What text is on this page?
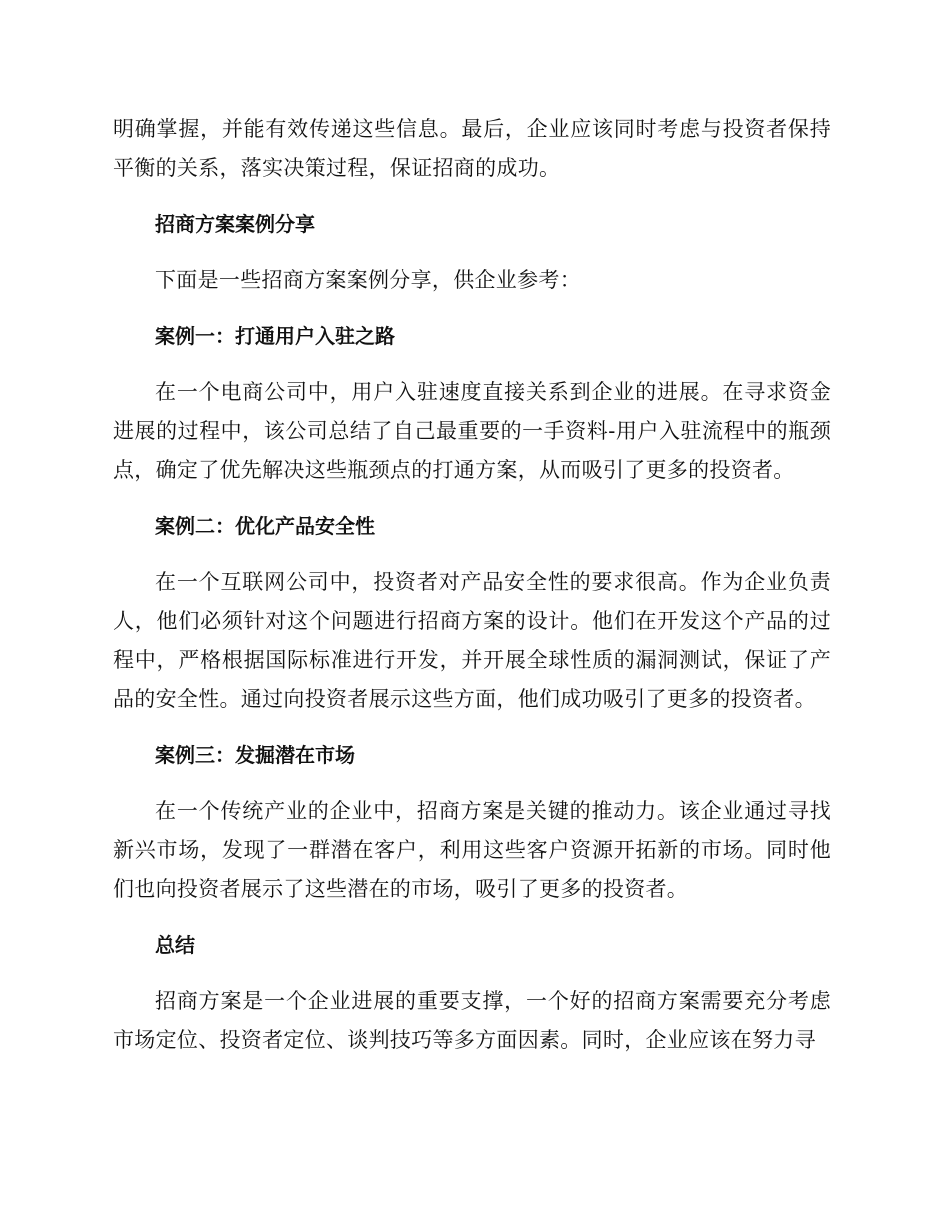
明确掌握，并能有效传递这些信息。最后，企业应该同时考虑与投资者保持平衡的关系，落实决策过程，保证招商的成功。

招商方案案例分享

下面是一些招商方案案例分享，供企业参考：

案例一：打通用户入驻之路

在一个电商公司中，用户入驻速度直接关系到企业的进展。在寻求资金进展的过程中，该公司总结了自己最重要的一手资料-用户入驻流程中的瓶颈点，确定了优先解决这些瓶颈点的打通方案，从而吸引了更多的投资者。

案例二：优化产品安全性

在一个互联网公司中，投资者对产品安全性的要求很高。作为企业负责人，他们必须针对这个问题进行招商方案的设计。他们在开发这个产品的过程中，严格根据国际标准进行开发，并开展全球性质的漏洞测试，保证了产品的安全性。通过向投资者展示这些方面，他们成功吸引了更多的投资者。

案例三：发掘潜在市场

在一个传统产业的企业中，招商方案是关键的推动力。该企业通过寻找新兴市场，发现了一群潜在客户，利用这些客户资源开拓新的市场。同时他们也向投资者展示了这些潜在的市场，吸引了更多的投资者。

总结

招商方案是一个企业进展的重要支撑，一个好的招商方案需要充分考虑市场定位、投资者定位、谈判技巧等多方面因素。同时，企业应该在努力寻
